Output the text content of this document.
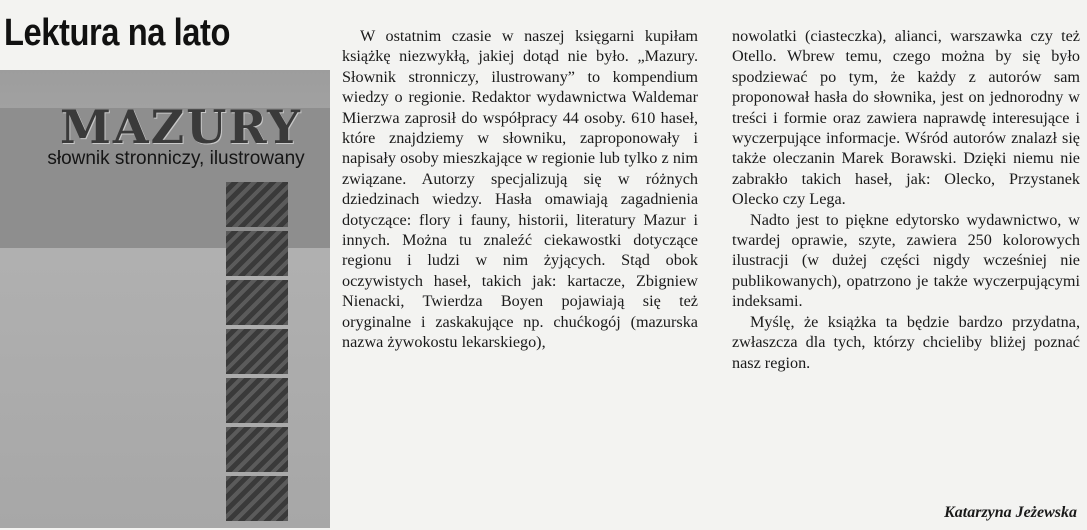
Lektura na lato
MAZURY
słownik stronniczy, ilustrowany

W ostatnim czasie w naszej księgarni kupiłam książkę niezwykłą, jakiej dotąd nie było. „Mazury. Słownik stronniczy, ilustrowany” to kompendium wiedzy o regionie. Redaktor wydawnictwa Waldemar Mierzwa zaprosił do współpracy 44 osoby. 610 haseł, które znajdziemy w słowniku, zaproponowały i napisały osoby mieszkające w regionie lub tylko z nim związane. Autorzy specjalizują się w różnych dziedzinach wiedzy. Hasła omawiają zagadnienia dotyczące: flory i fauny, historii, literatury Mazur i innych. Można tu znaleźć ciekawostki dotyczące regionu i ludzi w nim żyjących. Stąd obok oczywistych haseł, takich jak: kartacze, Zbigniew Nienacki, Twierdza Boyen pojawiają się też oryginalne i zaskakujące np. chućkogój (mazurska nazwa żywokostu lekarskiego),

nowolatki (ciasteczka), alianci, warszawka czy też Otello. Wbrew temu, czego można by się było spodziewać po tym, że każdy z autorów sam proponował hasła do słownika, jest on jednorodny w treści i formie oraz zawiera naprawdę interesujące i wyczerpujące informacje. Wśród autorów znalazł się także oleczanin Marek Borawski. Dzięki niemu nie zabrakło takich haseł, jak: Olecko, Przystanek Olecko czy Lega.

Nadto jest to piękne edytorsko wydawnictwo, w twardej oprawie, szyte, zawiera 250 kolorowych ilustracji (w dużej części nigdy wcześniej nie publikowanych), opatrzono je także wyczerpującymi indeksami.

Myślę, że książka ta będzie bardzo przydatna, zwłaszcza dla tych, którzy chcieliby bliżej poznać nasz region.

Katarzyna Jeżewska
